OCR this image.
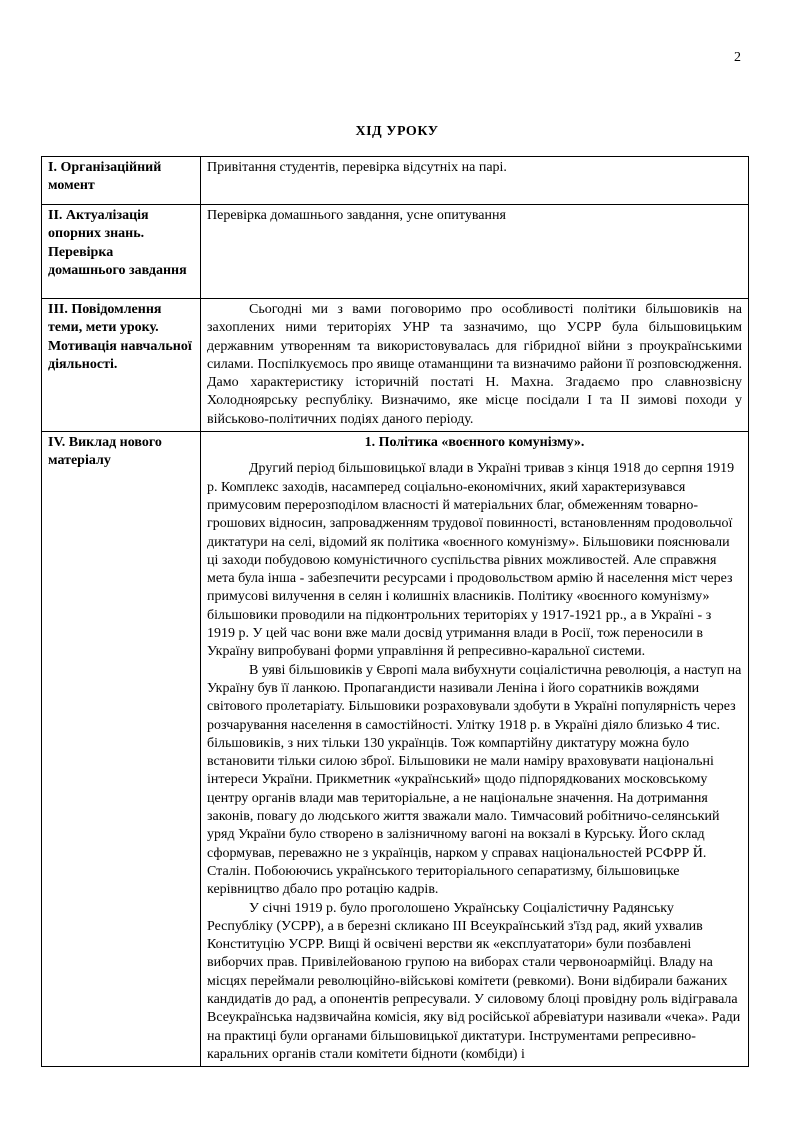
2
ХІД УРОКУ
І. Організаційний момент	Привітання студентів, перевірка відсутніх на парі.
ІІ. Актуалізація опорних знань. Перевірка домашнього завдання	Перевірка домашнього завдання, усне опитування
ІІІ. Повідомлення теми, мети уроку. Мотивація навчальної діяльності.	Сьогодні ми з вами поговоримо про особливості політики більшовиків на захоплених ними територіях УНР та зазначимо, що УСРР була більшовицьким державним утворенням та використовувалась для гібридної війни з проукраїнськими силами. Поспілкуємось про явище отаманщини та визначимо райони її розповсюдження. Дамо характеристику історичній постаті Н. Махна. Згадаємо про славнозвісну Холодноярську республіку. Визначимо, яке місце посідали І та ІІ зимові походи у військово-політичних подіях даного періоду.
IV. Виклад нового матеріалу	1. Політика «воєнного комунізму».

Другий період більшовицької влади в Україні тривав з кінця 1918 до серпня 1919 р. Комплекс заходів, насамперед соціально-економічних, який характеризувався примусовим перерозподілом власності й матеріальних благ, обмеженням товарно-грошових відносин, запровадженням трудової повинності, встановленням продовольчої диктатури на селі, відомий як політика «воєнного комунізму». Більшовики пояснювали ці заходи побудовою комуністичного суспільства рівних можливостей. Але справжня мета була інша - забезпечити ресурсами і продовольством армію й населення міст через примусові вилучення в селян і колишніх власників. Політику «воєнного комунізму» більшовики проводили на підконтрольних територіях у 1917-1921 рр., а в Україні - з 1919 р. У цей час вони вже мали досвід утримання влади в Росії, тож переносили в Україну випробувані форми управління й репресивно-каральної системи.

В уяві більшовиків у Європі мала вибухнути соціалістична революція, а наступ на Україну був її ланкою. Пропагандисти називали Леніна і його соратників вождями світового пролетаріату. Більшовики розраховували здобути в Україні популярність через розчарування населення в самостійності. Улітку 1918 р. в Україні діяло близько 4 тис. більшовиків, з них тільки 130 українців. Тож компартійну диктатуру можна було встановити тільки силою зброї. Більшовики не мали наміру враховувати національні інтереси України. Прикметник «український» щодо підпорядкованих московському центру органів влади мав територіальне, а не національне значення. На дотримання законів, повагу до людського життя зважали мало. Тимчасовий робітничо-селянський уряд України було створено в залізничному вагоні на вокзалі в Курську. Його склад сформував, переважно не з українців, нарком у справах національностей РСФРР Й. Сталін. Побоюючись українського територіального сепаратизму, більшовицьке керівництво дбало про ротацію кадрів.

У січні 1919 р. було проголошено Українську Соціалістичну Радянську Республіку (УСРР), а в березні скликано III Всеукраїнський з'їзд рад, який ухвалив Конституцію УСРР. Вищі й освічені верстви як «експлуататори» були позбавлені виборчих прав. Привілейованою групою на виборах стали червоноармійці. Владу на місцях переймали революційно-військові комітети (ревкоми). Вони відбирали бажаних кандидатів до рад, а опонентів репресували. У силовому блоці провідну роль відігравала Всеукраїнська надзвичайна комісія, яку від російської абревіатури називали «чека». Ради на практиці були органами більшовицької диктатури. Інструментами репресивно-каральних органів стали комітети бідноти (комбіди) і
